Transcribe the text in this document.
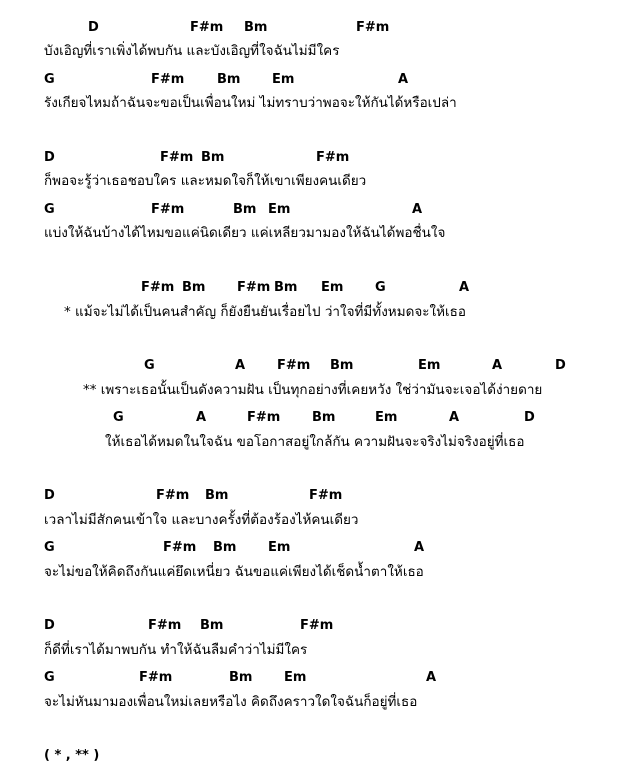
D	F#m Bm	F#m
บังเอิญที่เราเพิ่งได้พบกัน และบังเอิญที่ใจฉันไม่มีใคร
G	F#m	Bm Em	A
รังเกียจไหมถ้าฉันจะขอเป็นเพื่อนใหม่ ไม่ทราบว่าพอจะให้กันได้หรือเปล่า
D	F#m Bm	F#m
ก็พอจะรู้ว่าเธอชอบใคร และหมดใจก็ให้เขาเพียงคนเดียว
G	F#m	Bm Em	A
แบ่งให้ฉันบ้างได้ไหมขอแค่นิดเดียว แค่เหลียวมามองให้ฉันได้พอชื่นใจ
F#m Bm F#m Bm Em G	A
* แม้จะไม่ได้เป็นคนสำคัญ ก็ยังยืนยันเรื่อยไป ว่าใจที่มีทั้งหมดจะให้เธอ
G	A F#m Bm	Em	A	D
** เพราะเธอนั้นเป็นดังความฝัน เป็นทุกอย่างที่เคยหวัง ใช่ว่ามันจะเจอได้ง่ายดาย
G	A	F#m Bm	Em	A	D
ให้เธอได้หมดในใจฉัน ขอโอกาสอยู่ใกล้กัน ความฝันจะจริงไม่จริงอยู่ที่เธอ
D	F#m Bm	F#m
เวลาไม่มีสักคนเข้าใจ และบางครั้งที่ต้องร้องไห้คนเดียว
G	F#m Bm Em	A
จะไม่ขอให้คิดถึงกันแค่ยึดเหนี่ยว ฉันขอแค่เพียงได้เช็ดน้ำตาให้เธอ
D	F#m Bm	F#m
ก็ดีที่เราได้มาพบกัน ทำให้ฉันลืมคำว่าไม่มีใคร
G	F#m	Bm Em	A
จะไม่หันมามองเพื่อนใหม่เลยหรือไง คิดถึงคราวใดใจฉันก็อยู่ที่เธอ
( * , ** )
